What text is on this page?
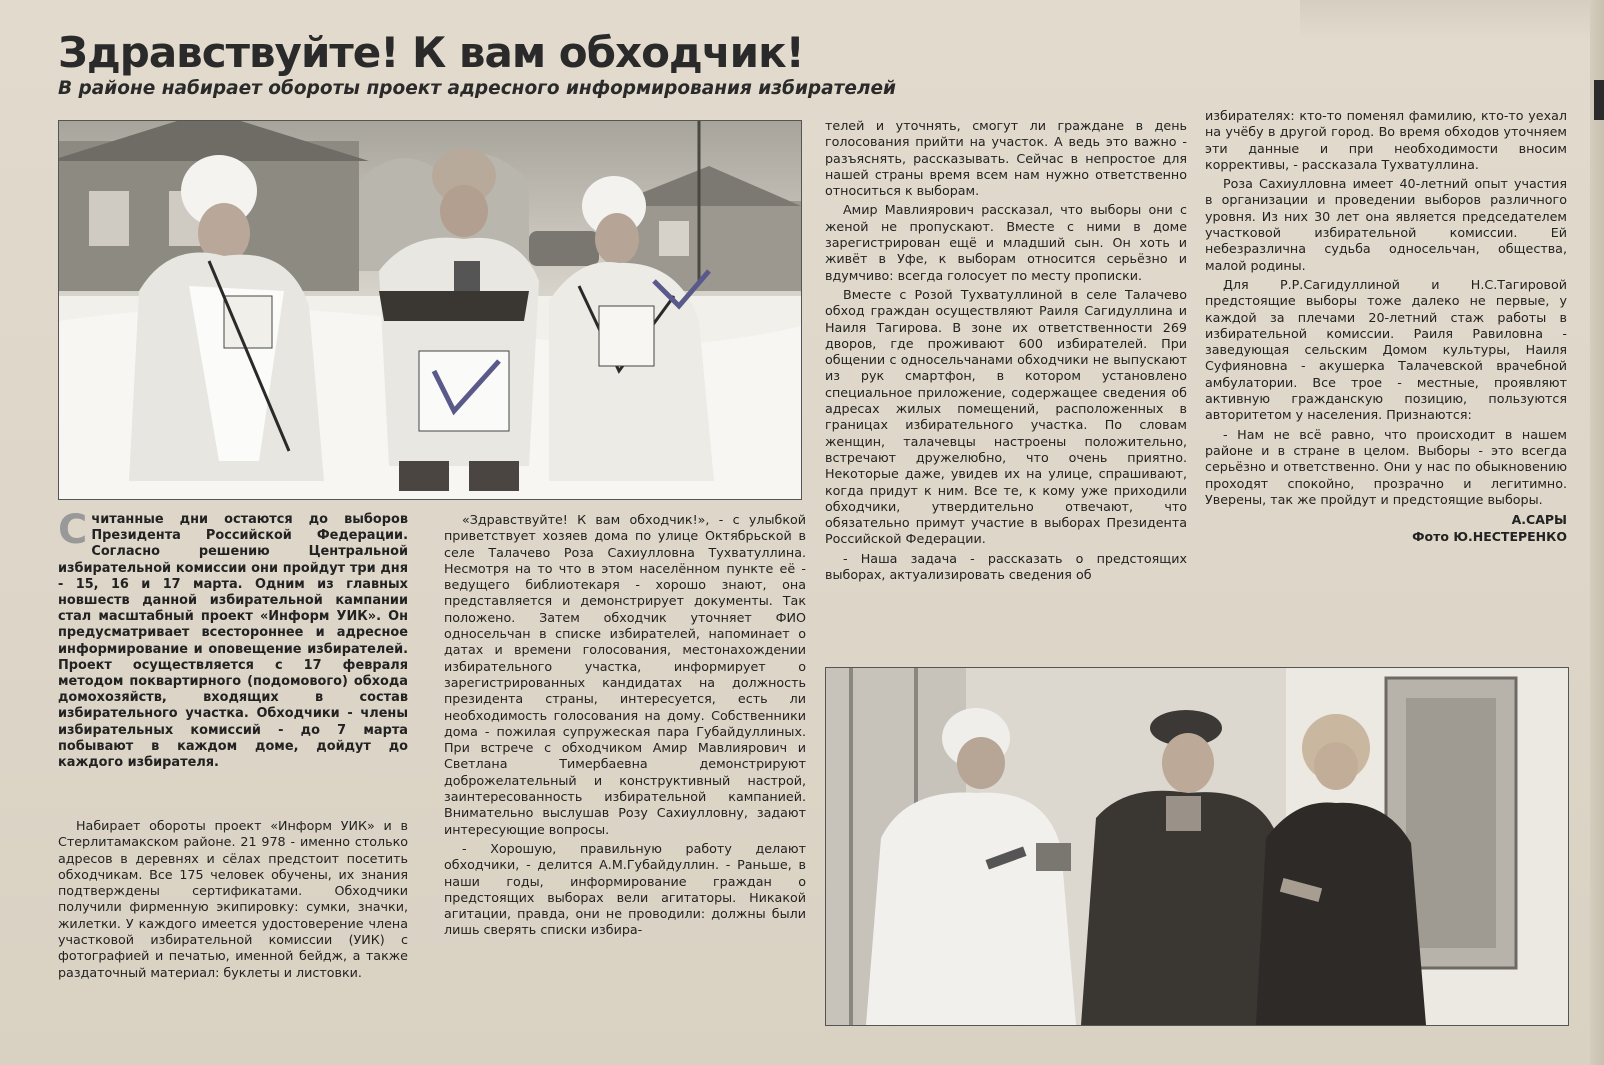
Здравствуйте! К вам обходчик!
В районе набирает обороты проект адресного информирования избирателей

Считанные дни остаются до выборов Президента Российской Федерации. Согласно решению Центральной избирательной комиссии они пройдут три дня - 15, 16 и 17 марта. Одним из главных новшеств данной избирательной кампании стал масштабный проект «Информ УИК». Он предусматривает всестороннее и адресное информирование и оповещение избирателей. Проект осуществляется с 17 февраля методом поквартирного (подомового) обхода домохозяйств, входящих в состав избирательного участка. Обходчики - члены избирательных комиссий - до 7 марта побывают в каждом доме, дойдут до каждого избирателя.

Набирает обороты проект «Информ УИК» и в Стерлитамакском районе. 21 978 - именно столько адресов в деревнях и сёлах предстоит посетить обходчикам. Все 175 человек обучены, их знания подтверждены сертификатами. Обходчики получили фирменную экипировку: сумки, значки, жилетки. У каждого имеется удостоверение члена участковой избирательной комиссии (УИК) с фотографией и печатью, именной бейдж, а также раздаточный материал: буклеты и листовки.

«Здравствуйте! К вам обходчик!», - с улыбкой приветствует хозяев дома по улице Октябрьской в селе Талачево Роза Сахиулловна Тухватуллина. Несмотря на то что в этом населённом пункте её - ведущего библиотекаря - хорошо знают, она представляется и демонстрирует документы. Так положено. Затем обходчик уточняет ФИО односельчан в списке избирателей, напоминает о датах и времени голосования, местонахождении избирательного участка, информирует о зарегистрированных кандидатах на должность президента страны, интересуется, есть ли необходимость голосования на дому. Собственники дома - пожилая супружеская пара Губайдуллиных. При встрече с обходчиком Амир Мавлиярович и Светлана Тимербаевна демонстрируют доброжелательный и конструктивный настрой, заинтересованность избирательной кампанией. Внимательно выслушав Розу Сахиулловну, задают интересующие вопросы.

- Хорошую, правильную работу делают обходчики, - делится А.М.Губайдуллин. - Раньше, в наши годы, информирование граждан о предстоящих выборах вели агитаторы. Никакой агитации, правда, они не проводили: должны были лишь сверять списки избира-

телей и уточнять, смогут ли граждане в день голосования прийти на участок. А ведь это важно - разъяснять, рассказывать. Сейчас в непростое для нашей страны время всем нам нужно ответственно относиться к выборам.

Амир Мавлиярович рассказал, что выборы они с женой не пропускают. Вместе с ними в доме зарегистрирован ещё и младший сын. Он хоть и живёт в Уфе, к выборам относится серьёзно и вдумчиво: всегда голосует по месту прописки.

Вместе с Розой Тухватуллиной в селе Талачево обход граждан осуществляют Раиля Сагидуллина и Наиля Тагирова. В зоне их ответственности 269 дворов, где проживают 600 избирателей. При общении с односельчанами обходчики не выпускают из рук смартфон, в котором установлено специальное приложение, содержащее сведения об адресах жилых помещений, расположенных в границах избирательного участка. По словам женщин, талачевцы настроены положительно, встречают дружелюбно, что очень приятно. Некоторые даже, увидев их на улице, спрашивают, когда придут к ним. Все те, к кому уже приходили обходчики, утвердительно отвечают, что обязательно примут участие в выборах Президента Российской Федерации.

- Наша задача - рассказать о предстоящих выборах, актуализировать сведения об

избирателях: кто-то поменял фамилию, кто-то уехал на учёбу в другой город. Во время обходов уточняем эти данные и при необходимости вносим коррективы, - рассказала Тухватуллина.

Роза Сахиулловна имеет 40-летний опыт участия в организации и проведении выборов различного уровня. Из них 30 лет она является председателем участковой избирательной комиссии. Ей небезразлична судьба односельчан, общества, малой родины.

Для Р.Р.Сагидуллиной и Н.С.Тагировой предстоящие выборы тоже далеко не первые, у каждой за плечами 20-летний стаж работы в избирательной комиссии. Раиля Равиловна - заведующая сельским Домом культуры, Наиля Суфияновна - акушерка Талачевской врачебной амбулатории. Все трое - местные, проявляют активную гражданскую позицию, пользуются авторитетом у населения. Признаются:

- Нам не всё равно, что происходит в нашем районе и в стране в целом. Выборы - это всегда серьёзно и ответственно. Они у нас по обыкновению проходят спокойно, прозрачно и легитимно. Уверены, так же пройдут и предстоящие выборы.

А.САРЫ
Фото Ю.НЕСТЕРЕНКО
